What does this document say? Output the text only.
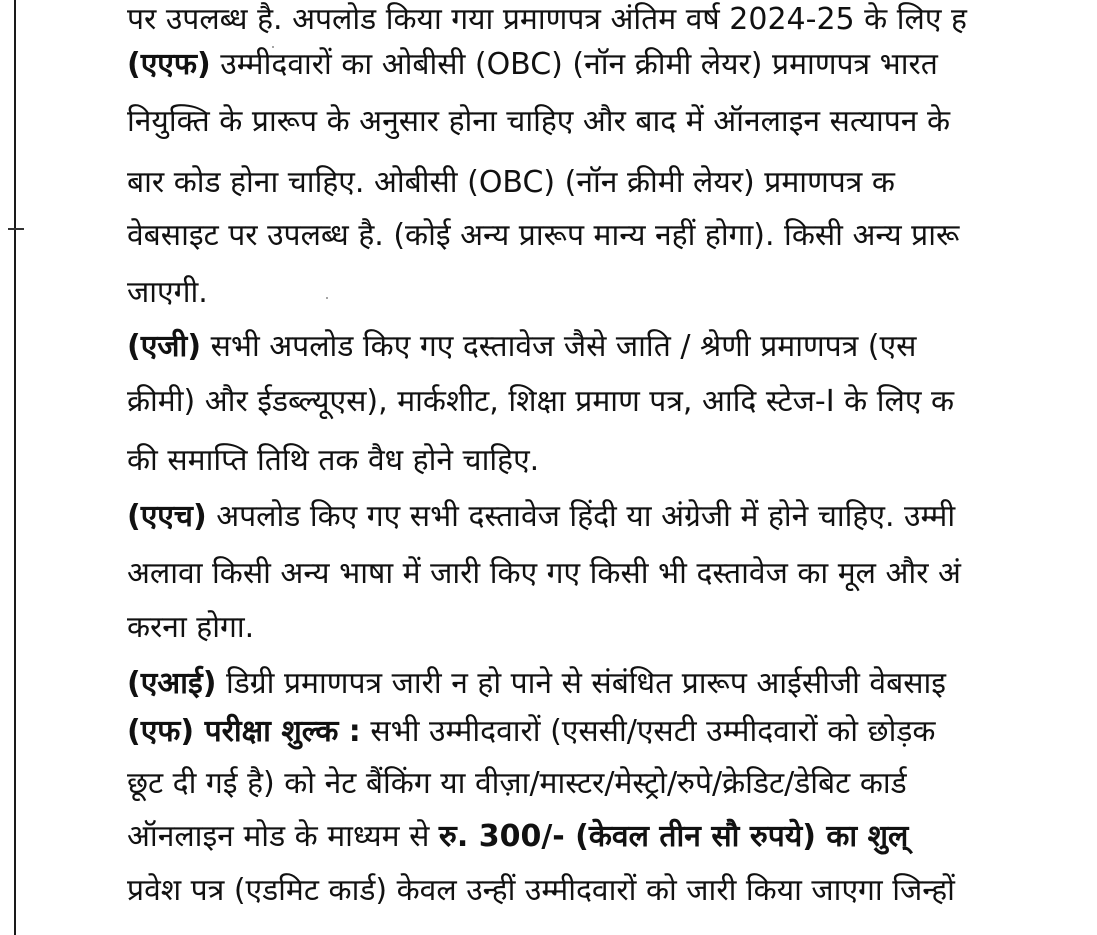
पर उपलब्ध है. अपलोड किया गया प्रमाणपत्र अंतिम वर्ष 2024-25 के लिए ह
(एएफ) उम्मीदवारों का ओबीसी (OBC) (नॉन क्रीमी लेयर) प्रमाणपत्र भारत
नियुक्ति के प्रारूप के अनुसार होना चाहिए और बाद में ऑनलाइन सत्यापन के
बार कोड होना चाहिए. ओबीसी (OBC) (नॉन क्रीमी लेयर) प्रमाणपत्र क
वेबसाइट पर उपलब्ध है. (कोई अन्य प्रारूप मान्य नहीं होगा). किसी अन्य प्रारू
जाएगी.
(एजी) सभी अपलोड किए गए दस्तावेज जैसे जाति / श्रेणी प्रमाणपत्र (एस
क्रीमी) और ईडब्ल्यूएस), मार्कशीट, शिक्षा प्रमाण पत्र, आदि स्टेज-I के लिए क
की समाप्ति तिथि तक वैध होने चाहिए.
(एएच) अपलोड किए गए सभी दस्तावेज हिंदी या अंग्रेजी में होने चाहिए. उम्मी
अलावा किसी अन्य भाषा में जारी किए गए किसी भी दस्तावेज का मूल और अं
करना होगा.
(एआई) डिग्री प्रमाणपत्र जारी न हो पाने से संबंधित प्रारूप आईसीजी वेबसाइ
(एफ) परीक्षा शुल्क : सभी उम्मीदवारों (एससी/एसटी उम्मीदवारों को छोड़क
छूट दी गई है) को नेट बैंकिंग या वीज़ा/मास्टर/मेस्ट्रो/रुपे/क्रेडिट/डेबिट कार्ड
ऑनलाइन मोड के माध्यम से रु. 300/- (केवल तीन सौ रुपये) का शुल्
प्रवेश पत्र (एडमिट कार्ड) केवल उन्हीं उम्मीदवारों को जारी किया जाएगा जिन्हों
